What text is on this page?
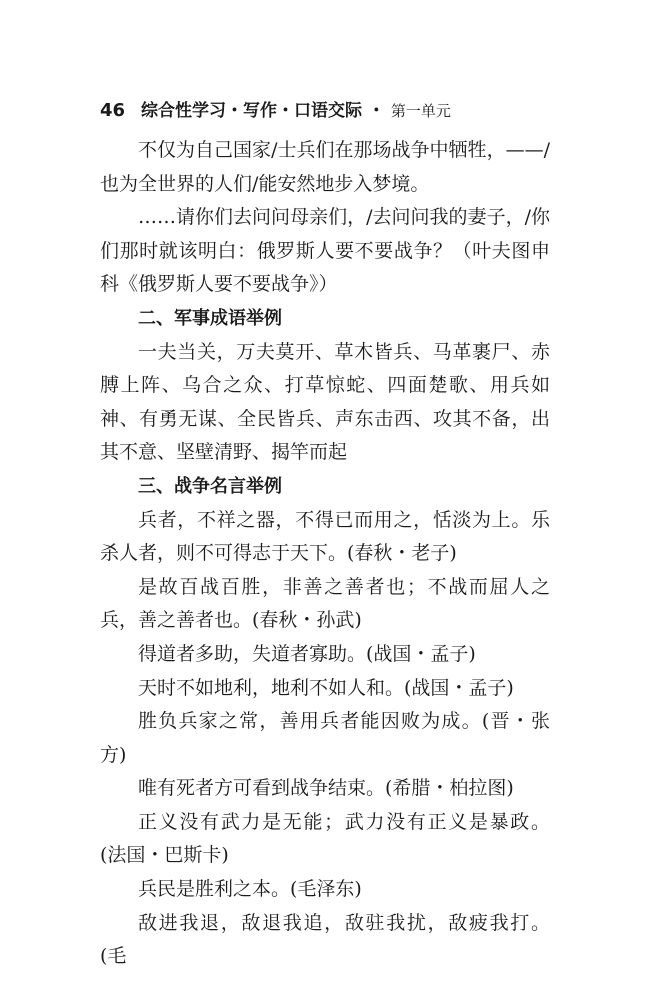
46 综合性学习・写作・口语交际 ・ 第一单元

不仅为自己国家/士兵们在那场战争中牺牲，——/也为全世界的人们/能安然地步入梦境。

……请你们去问问母亲们，/去问问我的妻子，/你们那时就该明白：俄罗斯人要不要战争？（叶夫图申科《俄罗斯人要不要战争》）

二、军事成语举例

一夫当关，万夫莫开、草木皆兵、马革裹尸、赤膊上阵、乌合之众、打草惊蛇、四面楚歌、用兵如神、有勇无谋、全民皆兵、声东击西、攻其不备，出其不意、坚壁清野、揭竿而起

三、战争名言举例

兵者，不祥之器，不得已而用之，恬淡为上。乐杀人者，则不可得志于天下。(春秋・老子)

是故百战百胜，非善之善者也；不战而屈人之兵，善之善者也。(春秋・孙武)

得道者多助，失道者寡助。(战国・孟子)

天时不如地利，地利不如人和。(战国・孟子)

胜负兵家之常，善用兵者能因败为成。(晋・张方)

唯有死者方可看到战争结束。(希腊・柏拉图)

正义没有武力是无能；武力没有正义是暴政。 (法国・巴斯卡)

兵民是胜利之本。(毛泽东)

敌进我退，敌退我追，敌驻我扰，敌疲我打。 (毛
